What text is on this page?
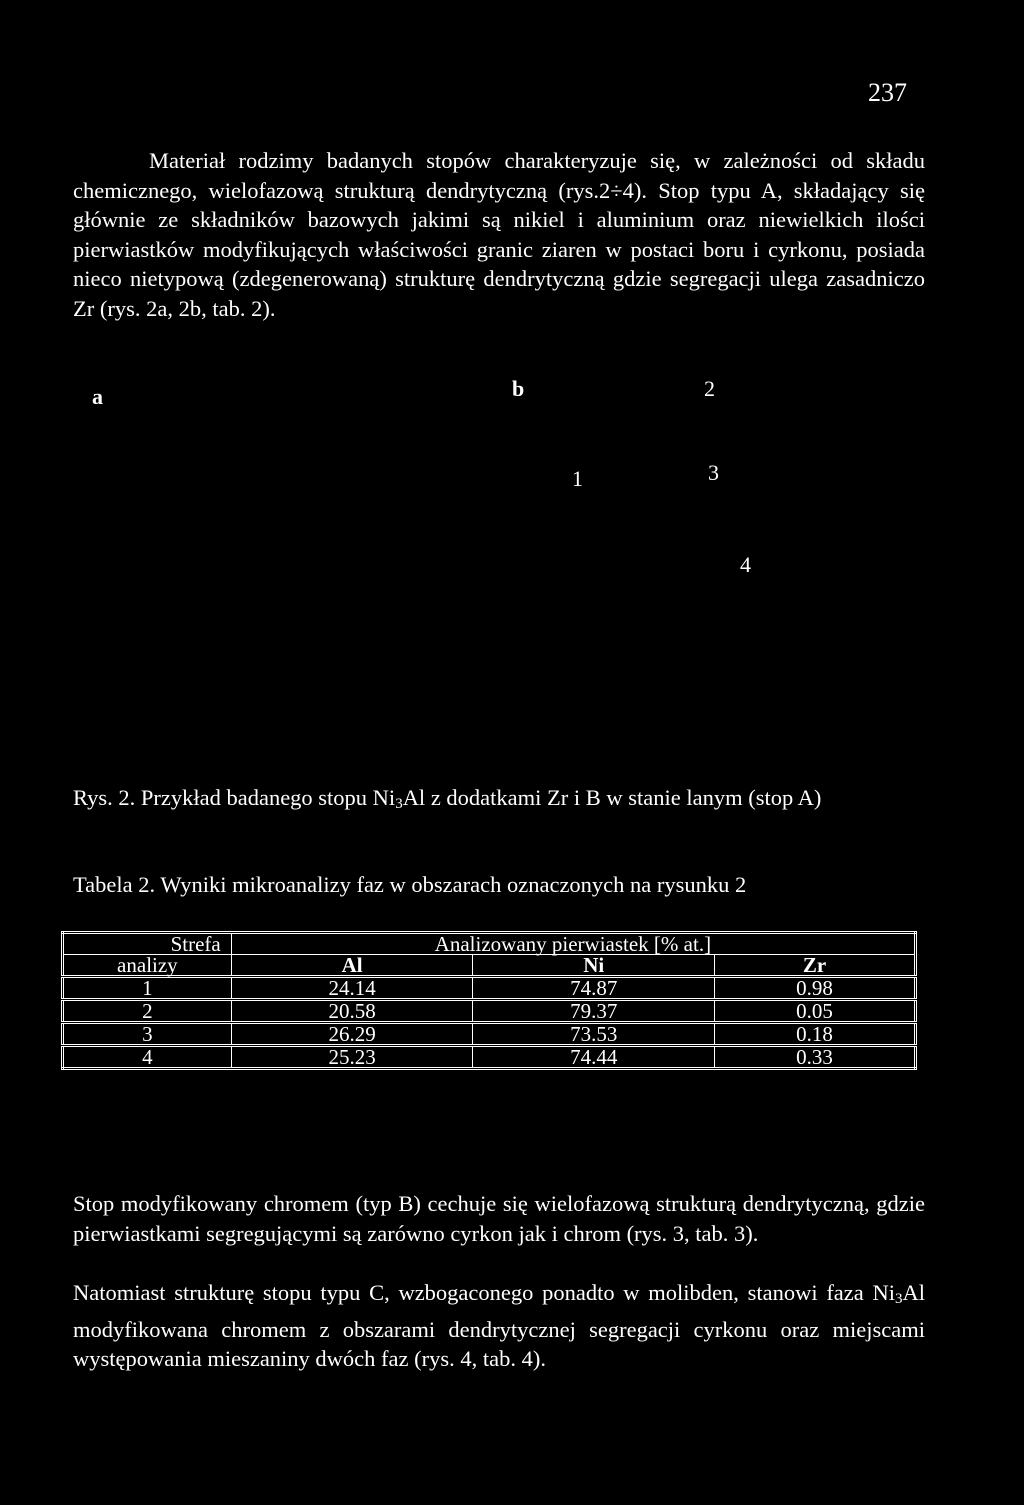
237

Materiał rodzimy badanych stopów charakteryzuje się, w zależności od składu chemicznego, wielofazową strukturą dendrytyczną (rys.2÷4). Stop typu A, składający się głównie ze składników bazowych jakimi są nikiel i aluminium oraz niewielkich ilości pierwiastków modyfikujących właściwości granic ziaren w postaci boru i cyrkonu, posiada nieco nietypową (zdegenerowaną) strukturę dendrytyczną gdzie segregacji ulega zasadniczo Zr (rys. 2a, 2b, tab. 2).

a	b	2
1	3
4
Rys. 2. Przykład badanego stopu $Ni_3Al$ z dodatkami Zr i B w stanie lanym (stop A)
Tabela 2. Wyniki mikroanalizy faz w obszarach oznaczonych na rysunku 2
Strefa	Analizowany pierwiastek [% at.]		
analizy	Al	Ni	Zr
1	24.14	74.87	0.98
2	20.58	79.37	0.05
3	26.29	73.53	0.18
4	25.23	74.44	0.33

Stop modyfikowany chromem (typ B) cechuje się wielofazową strukturą dendrytyczną, gdzie pierwiastkami segregującymi są zarówno cyrkon jak i chrom (rys. 3, tab. 3).

Natomiast strukturę stopu typu C, wzbogaconego ponadto w molibden, stanowi faza $Ni_3Al$ modyfikowana chromem z obszarami dendrytycznej segregacji cyrkonu oraz miejscami występowania mieszaniny dwóch faz (rys. 4, tab. 4).
